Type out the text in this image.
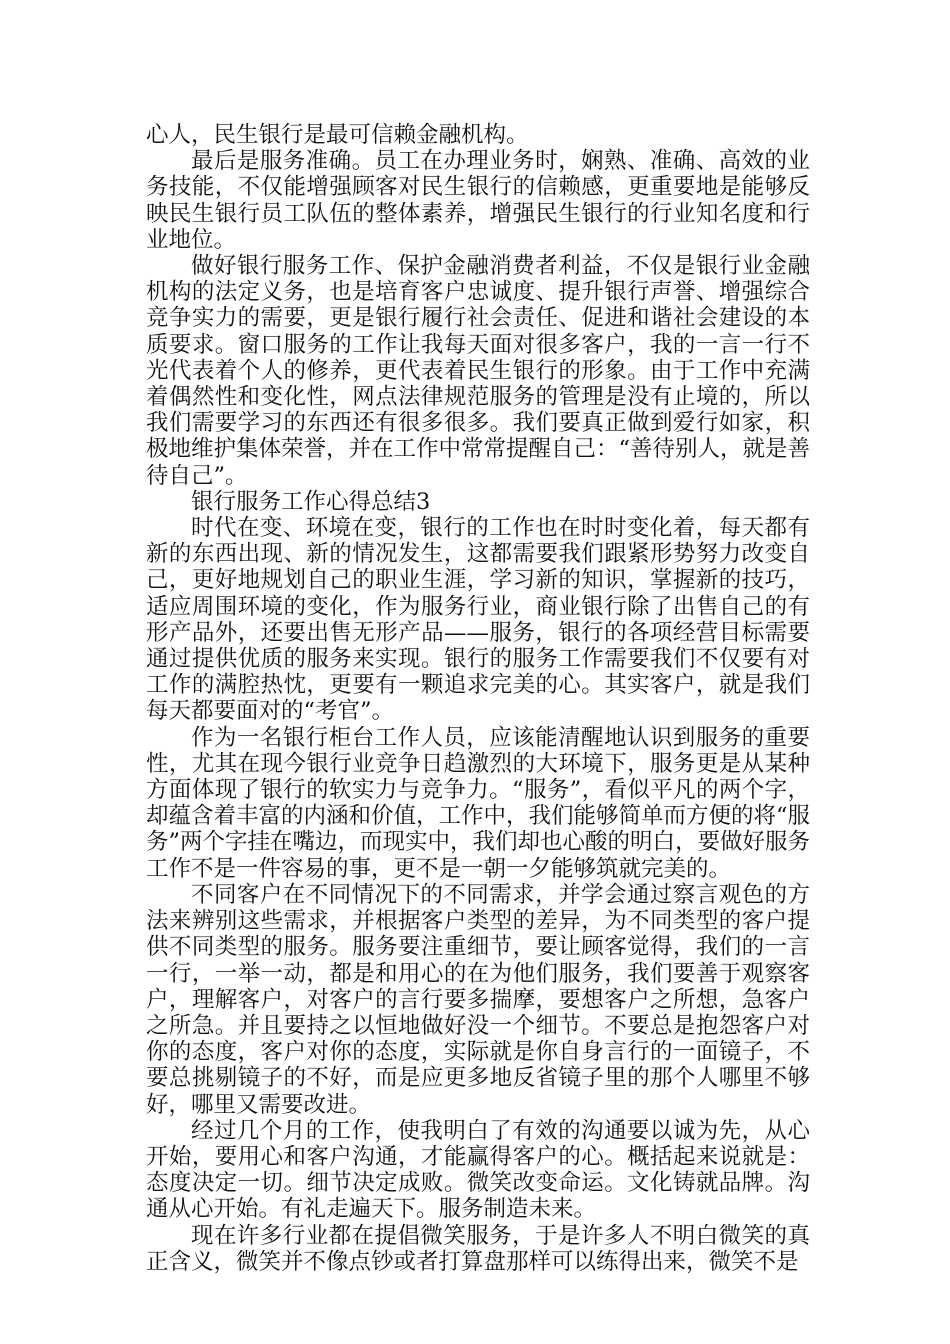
心人，民生银行是最可信赖金融机构。

最后是服务准确。员工在办理业务时，娴熟、准确、高效的业务技能，不仅能增强顾客对民生银行的信赖感，更重要地是能够反映民生银行员工队伍的整体素养，增强民生银行的行业知名度和行业地位。

做好银行服务工作、保护金融消费者利益，不仅是银行业金融机构的法定义务，也是培育客户忠诚度、提升银行声誉、增强综合竞争实力的需要，更是银行履行社会责任、促进和谐社会建设的本质要求。窗口服务的工作让我每天面对很多客户，我的一言一行不光代表着个人的修养，更代表着民生银行的形象。由于工作中充满着偶然性和变化性，网点法律规范服务的管理是没有止境的，所以我们需要学习的东西还有很多很多。我们要真正做到爱行如家，积极地维护集体荣誉，并在工作中常常提醒自己：“善待别人，就是善待自己”。

银行服务工作心得总结3

时代在变、环境在变，银行的工作也在时时变化着，每天都有新的东西出现、新的情况发生，这都需要我们跟紧形势努力改变自己，更好地规划自己的职业生涯，学习新的知识，掌握新的技巧，适应周围环境的变化，作为服务行业，商业银行除了出售自己的有形产品外，还要出售无形产品——服务，银行的各项经营目标需要通过提供优质的服务来实现。银行的服务工作需要我们不仅要有对工作的满腔热忱，更要有一颗追求完美的心。其实客户，就是我们每天都要面对的“考官”。

作为一名银行柜台工作人员，应该能清醒地认识到服务的重要性，尤其在现今银行业竞争日趋激烈的大环境下，服务更是从某种方面体现了银行的软实力与竞争力。“服务”，看似平凡的两个字，却蕴含着丰富的内涵和价值，工作中，我们能够简单而方便的将“服务”两个字挂在嘴边，而现实中，我们却也心酸的明白，要做好服务工作不是一件容易的事，更不是一朝一夕能够筑就完美的。

不同客户在不同情况下的不同需求，并学会通过察言观色的方法来辨别这些需求，并根据客户类型的差异，为不同类型的客户提供不同类型的服务。服务要注重细节，要让顾客觉得，我们的一言一行，一举一动，都是和用心的在为他们服务，我们要善于观察客户，理解客户，对客户的言行要多揣摩，要想客户之所想，急客户之所急。并且要持之以恒地做好没一个细节。不要总是抱怨客户对你的态度，客户对你的态度，实际就是你自身言行的一面镜子，不要总挑剔镜子的不好，而是应更多地反省镜子里的那个人哪里不够好，哪里又需要改进。

经过几个月的工作，使我明白了有效的沟通要以诚为先，从心开始，要用心和客户沟通，才能赢得客户的心。概括起来说就是：态度决定一切。细节决定成败。微笑改变命运。文化铸就品牌。沟通从心开始。有礼走遍天下。服务制造未来。

现在许多行业都在提倡微笑服务，于是许多人不明白微笑的真正含义，微笑并不像点钞或者打算盘那样可以练得出来，微笑不是
